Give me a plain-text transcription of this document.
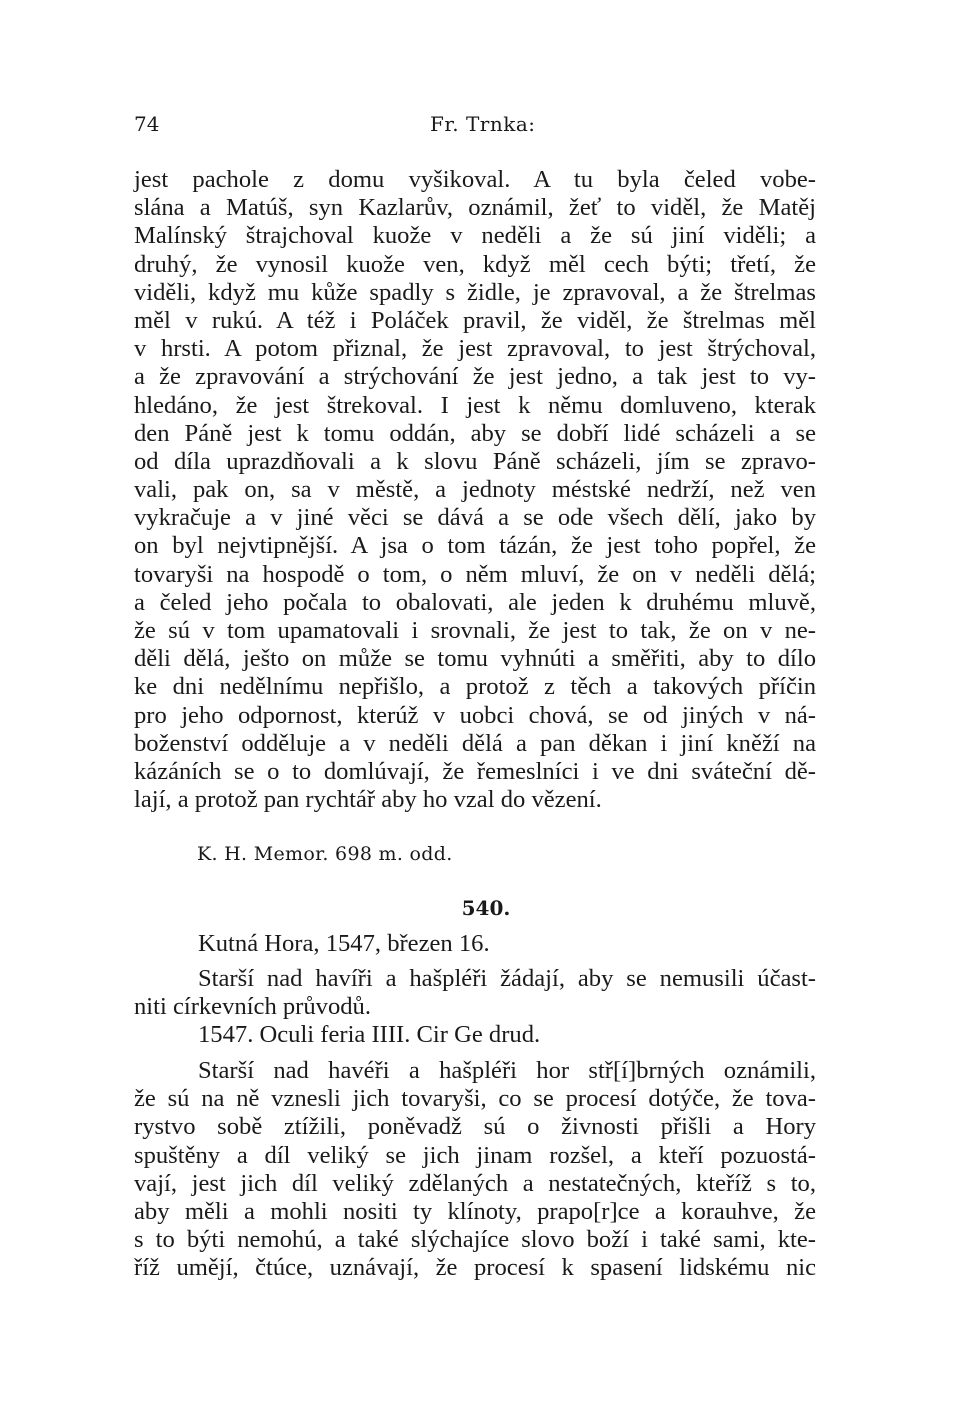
74	Fr. Trnka:
jest pachole z domu vyšikoval. A tu byla čeled vobe-
slána a Matúš, syn Kazlarův, oznámil, žeť to viděl, že Matěj
Malínský štrajchoval kuože v neděli a že sú jiní viděli; a
druhý, že vynosil kuože ven, když měl cech býti; třetí, že
viděli, když mu kůže spadly s židle, je zpravoval, a že štrelmas
měl v rukú. A též i Poláček pravil, že viděl, že štrelmas měl
v hrsti. A potom přiznal, že jest zpravoval, to jest štrýchoval,
a že zpravování a strýchování že jest jedno, a tak jest to vy-
hledáno, že jest štrekoval. I jest k němu domluveno, kterak
den Páně jest k tomu oddán, aby se dobří lidé scházeli a se
od díla uprazdňovali a k slovu Páně scházeli, jím se zpravo-
vali, pak on, sa v městě, a jednoty méstské nedrží, než ven
vykračuje a v jiné věci se dává a se ode všech dělí, jako by
on byl nejvtipnější. A jsa o tom tázán, že jest toho popřel, že
tovaryši na hospodě o tom, o něm mluví, že on v neděli dělá;
a čeled jeho počala to obalovati, ale jeden k druhému mluvě,
že sú v tom upamatovali i srovnali, že jest to tak, že on v ne-
děli dělá, ješto on může se tomu vyhnúti a směřiti, aby to dílo
ke dni nedělnímu nepřišlo, a protož z těch a takových příčin
pro jeho odpornost, kterúž v uobci chová, se od jiných v ná-
boženství odděluje a v neděli dělá a pan děkan i jiní kněží na
kázáních se o to domlúvají, že řemeslníci i ve dni sváteční dě-
lají, a protož pan rychtář aby ho vzal do vězení.
K. H. Memor. 698 m. odd.
540.
Kutná Hora, 1547, březen 16.
Starší nad havíři a hašpléři žádají, aby se nemusili účast-
niti církevních průvodů.
1547. Oculi feria IIII. Cir Ge drud.
Starší nad havéři a hašpléři hor stř[í]brných oznámili,
že sú na ně vznesli jich tovaryši, co se procesí dotýče, že tova-
rystvo sobě ztížili, poněvadž sú o živnosti přišli a Hory
spuštěny a díl veliký se jich jinam rozšel, a kteří pozuostá-
vají, jest jich díl veliký zdělaných a nestatečných, kteříž s to,
aby měli a mohli nositi ty klínoty, prapo[r]ce a korauhve, že
s to býti nemohú, a také slýchajíce slovo boží i také sami, kte-
říž umějí, čtúce, uznávají, že procesí k spasení lidskému nic
